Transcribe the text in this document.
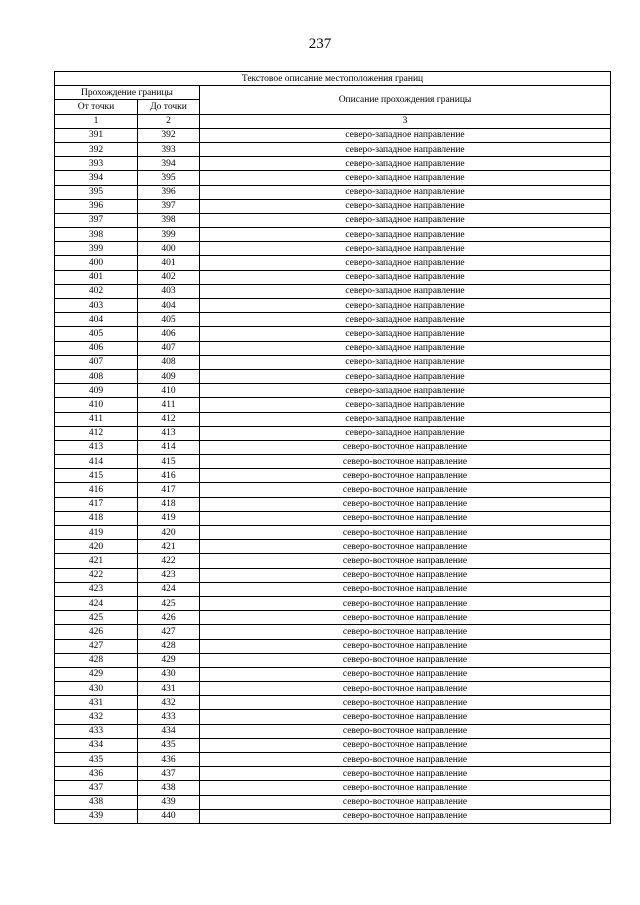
237
Текстовое описание местоположения границ		
Прохождение границы		Описание прохождения границы
От точки	До точки	
1	2	3
391	392	северо-западное направление
392	393	северо-западное направление
393	394	северо-западное направление
394	395	северо-западное направление
395	396	северо-западное направление
396	397	северо-западное направление
397	398	северо-западное направление
398	399	северо-западное направление
399	400	северо-западное направление
400	401	северо-западное направление
401	402	северо-западное направление
402	403	северо-западное направление
403	404	северо-западное направление
404	405	северо-западное направление
405	406	северо-западное направление
406	407	северо-западное направление
407	408	северо-западное направление
408	409	северо-западное направление
409	410	северо-западное направление
410	411	северо-западное направление
411	412	северо-западное направление
412	413	северо-западное направление
413	414	северо-восточное направление
414	415	северо-восточное направление
415	416	северо-восточное направление
416	417	северо-восточное направление
417	418	северо-восточное направление
418	419	северо-восточное направление
419	420	северо-восточное направление
420	421	северо-восточное направление
421	422	северо-восточное направление
422	423	северо-восточное направление
423	424	северо-восточное направление
424	425	северо-восточное направление
425	426	северо-восточное направление
426	427	северо-восточное направление
427	428	северо-восточное направление
428	429	северо-восточное направление
429	430	северо-восточное направление
430	431	северо-восточное направление
431	432	северо-восточное направление
432	433	северо-восточное направление
433	434	северо-восточное направление
434	435	северо-восточное направление
435	436	северо-восточное направление
436	437	северо-восточное направление
437	438	северо-восточное направление
438	439	северо-восточное направление
439	440	северо-восточное направление
